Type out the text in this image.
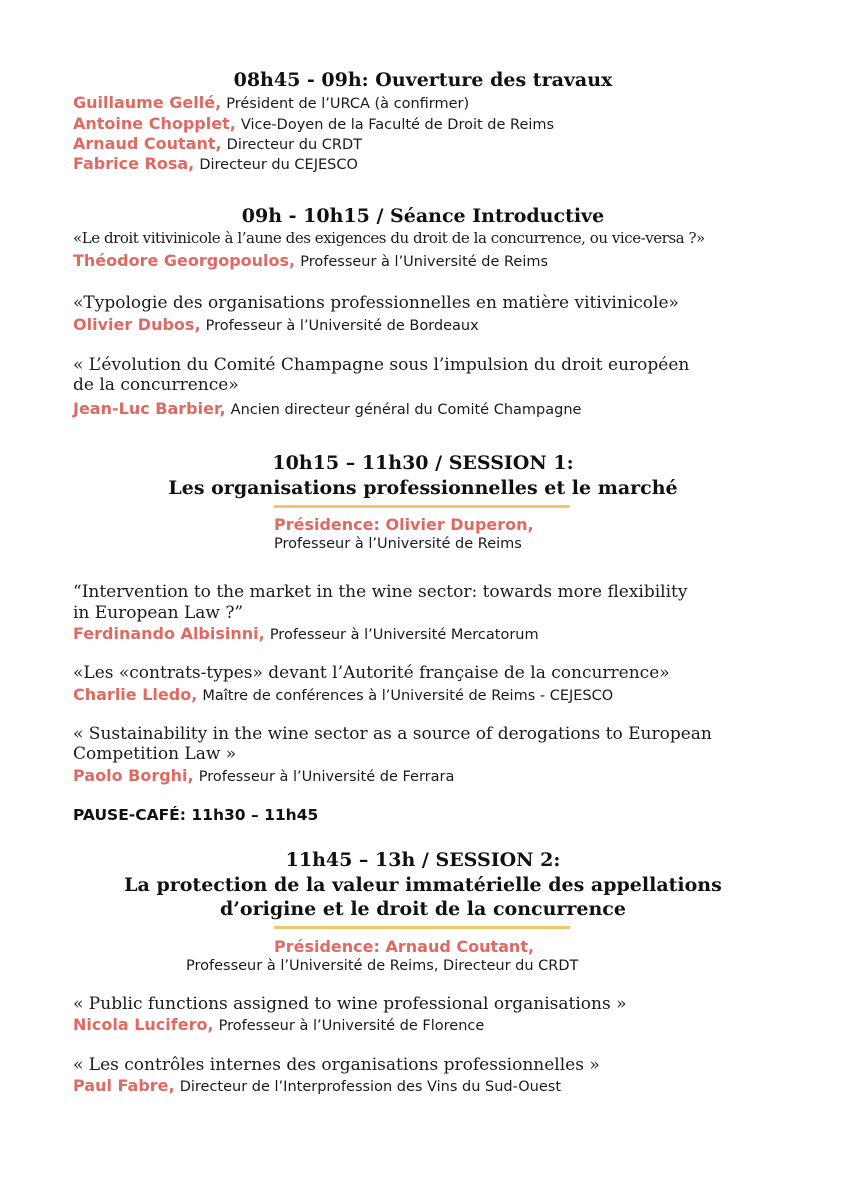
08h45 - 09h: Ouverture des travaux
Guillaume Gellé, Président de l’URCA (à confirmer)
Antoine Chopplet, Vice-Doyen de la Faculté de Droit de Reims
Arnaud Coutant, Directeur du CRDT
Fabrice Rosa, Directeur du CEJESCO
09h - 10h15 / Séance Introductive
«Le droit vitivinicole à l’aune des exigences du droit de la concurrence, ou vice-versa ?»
Théodore Georgopoulos, Professeur à l’Université de Reims
«Typologie des organisations professionnelles en matière vitivinicole»
Olivier Dubos, Professeur à l’Université de Bordeaux
« L’évolution du Comité Champagne sous l’impulsion du droit européen
de la concurrence»
Jean-Luc Barbier, Ancien directeur général du Comité Champagne
10h15 – 11h30 / SESSION 1:
Les organisations professionnelles et le marché
Présidence: Olivier Duperon,
Professeur à l’Université de Reims
“Intervention to the market in the wine sector: towards more flexibility
in European Law ?”
Ferdinando Albisinni, Professeur à l’Université Mercatorum
«Les «contrats-types» devant l’Autorité française de la concurrence»
Charlie Lledo, Maître de conférences à l’Université de Reims - CEJESCO
« Sustainability in the wine sector as a source of derogations to European
Competition Law »
Paolo Borghi, Professeur à l’Université de Ferrara
PAUSE-CAFÉ: 11h30 – 11h45
11h45 – 13h / SESSION 2:
La protection de la valeur immatérielle des appellations
d’origine et le droit de la concurrence
Présidence: Arnaud Coutant,
Professeur à l’Université de Reims, Directeur du CRDT
« Public functions assigned to wine professional organisations »
Nicola Lucifero, Professeur à l’Université de Florence
« Les contrôles internes des organisations professionnelles »
Paul Fabre, Directeur de l’Interprofession des Vins du Sud-Ouest
